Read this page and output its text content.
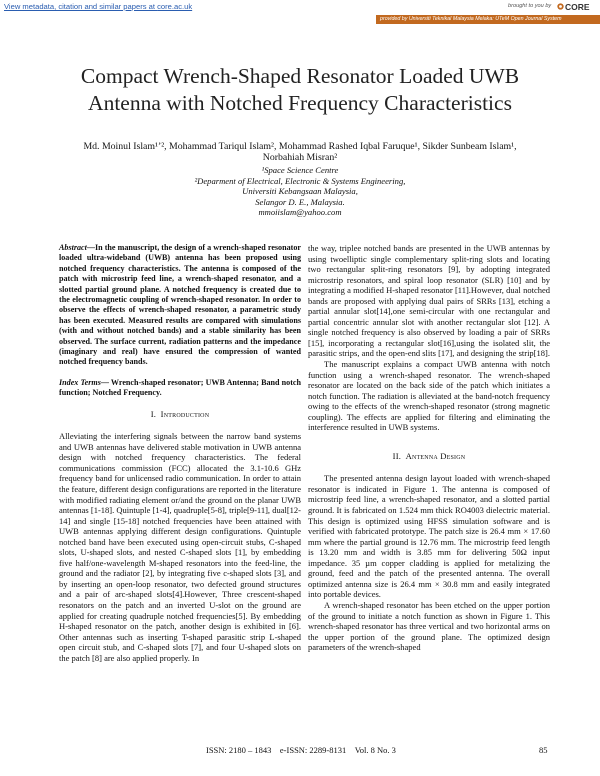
View metadata, citation and similar papers at core.ac.uk	brought to you by CORE
provided by Universiti Teknikal Malaysia Melaka: UTeM Open Journal System
Compact Wrench-Shaped Resonator Loaded UWB
Antenna with Notched Frequency Characteristics
Md. Moinul Islam¹ʼ², Mohammad Tariqul Islam², Mohammad Rashed Iqbal Faruque¹, Sikder Sunbeam Islam¹,
Norbahiah Misran²
¹Space Science Centre
²Deparment of Electrical, Electronic & Systems Engineering,
Universiti Kebangsaan Malaysia,
Selangor D. E., Malaysia.
mmoiislam@yahoo.com

Abstract—In the manuscript, the design of a wrench-shaped resonator loaded ultra-wideband (UWB) antenna has been proposed using notched frequency characteristics. The antenna is composed of the patch with microstrip feed line, a wrench-shaped resonator, and a slotted partial ground plane. A notched frequency is created due to the electromagnetic coupling of wrench-shaped resonator. In order to observe the effects of wrench-shaped resonator, a parametric study has been executed. Measured results are compared with simulations (with and without notched bands) and a stable similarity has been observed. The surface current, radiation patterns and the impedance (imaginary and real) have ensured the compression of wanted notched frequency bands.

Index Terms— Wrench-shaped resonator; UWB Antenna; Band notch function; Notched Frequency.

I. Introduction

Alleviating the interfering signals between the narrow band systems and UWB antennas have delivered stable motivation in UWB antenna design with notched frequency characteristics. The federal communications commission (FCC) allocated the 3.1-10.6 GHz frequency band for unlicensed radio communication. In order to attain the feature, different design configurations are reported in the literature with modified radiating element or/and the ground on the planar UWB antennas [1-18]. Quintuple [1-4], quadruple[5-8], triple[9-11], dual[12-14] and single [15-18] notched frequencies have been attained with UWB antennas applying different design configurations. Quintuple notched band have been executed using open-circuit stubs, C-shaped slots, U-shaped slots, and nested C-shaped slots [1], by embedding five half/one-wavelength M-shaped resonators into the feed-line, the ground and the radiator [2], by integrating five c-shaped slots [3], and by inserting an open-loop resonator, two defected ground structures and a pair of arc-shaped slots[4].However, Three crescent-shaped resonators on the patch and an inverted U-slot on the ground are applied for creating quadruple notched frequencies[5]. By embedding H-shaped resonator on the patch, another design is exhibited in [6]. Other antennas such as inserting T-shaped parasitic strip L-shaped open circuit stub, and C-shaped slots [7], and four U-shaped slots on the patch [8] are also applied properly. In

the way, triplee notched bands are presented in the UWB antennas by using twoelliptic single complementary split-ring slots and locating two rectangular split-ring resonators [9], by adopting integrated microstrip resonators, and spiral loop resonator (SLR) [10] and by integrating a modified H-shaped resonator [11].However, dual notched bands are proposed with applying dual pairs of SRRs [13], etching a partial annular slot[14],one semi-circular with one rectangular and partial concentric annular slot with another rectangular slot [12]. A single notched frequency is also observed by loading a pair of SRRs [15], incorporating a rectangular slot[16],using the isolated slit, the parasitic strips, and the open-end slits [17], and designing the strip[18].

The manuscript explains a compact UWB antenna with notch function using a wrench-shaped resonator. The wrench-shaped resonator are located on the back side of the patch which initiates a notch function. The radiation is alleviated at the band-notch frequency owing to the effects of the wrench-shaped resonator (strong magnetic coupling). The effects are applied for filtering and eliminating the interference resulted in UWB systems.

II. Antenna Design

The presented antenna design layout loaded with wrench-shaped resonator is indicated in Figure 1. The antenna is composed of microstrip feed line, a wrench-shaped resonator, and a slotted partial ground. It is fabricated on 1.524 mm thick RO4003 dielectric material. This design is optimized using HFSS simulation software and is verified with fabricated prototype. The patch size is 26.4 mm × 17.60 mm where the partial ground is 12.76 mm. The microstrip feed length is 13.20 mm and width is 3.85 mm for delivering 50Ω input impedance. 35 µm copper cladding is applied for metalizing the ground, feed and the patch of the presented antenna. The overall optimized antenna size is 26.4 mm × 30.8 mm and easily integrated into portable devices.

A wrench-shaped resonator has been etched on the upper portion of the ground to initiate a notch function as shown in Figure 1. This wrench-shaped resonator has three vertical and two horizontal arms on the upper portion of the ground plane. The optimized design parameters of the wrench-shaped

ISSN: 2180 – 1843 e-ISSN: 2289-8131 Vol. 8 No. 3	85
